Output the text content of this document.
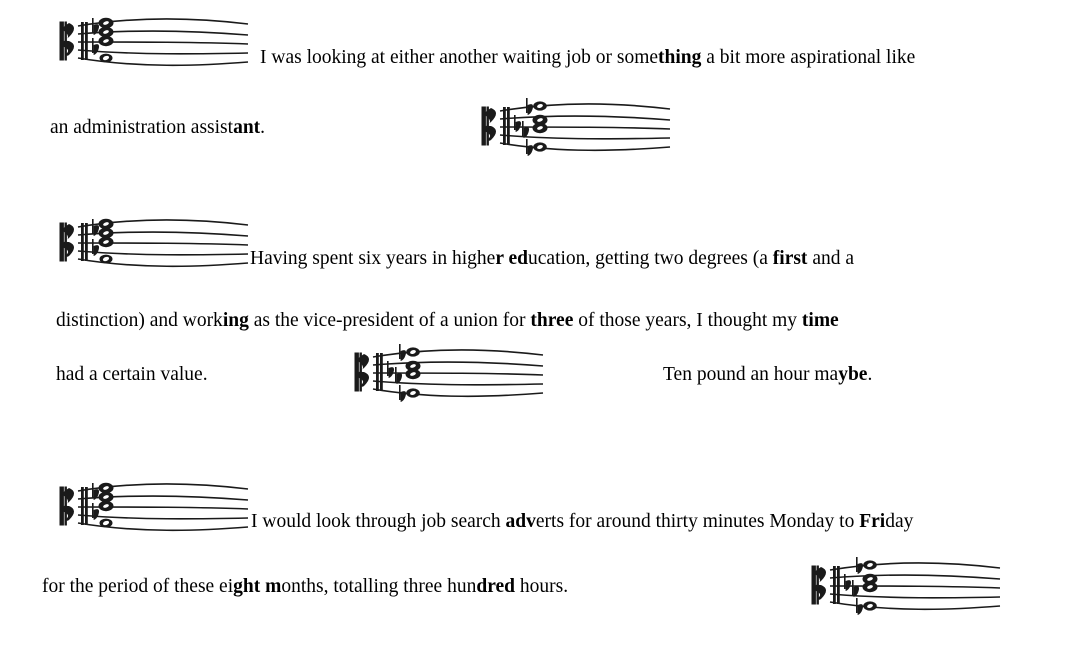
I was looking at either another waiting job or something a bit more aspirational like
an administration assistant.
Having spent six years in higher education, getting two degrees (a first and a
distinction) and working as the vice-president of a union for three of those years, I thought my time
had a certain value.	Ten pound an hour maybe.
I would look through job search adverts for around thirty minutes Monday to Friday
for the period of these eight months, totalling three hundred hours.
